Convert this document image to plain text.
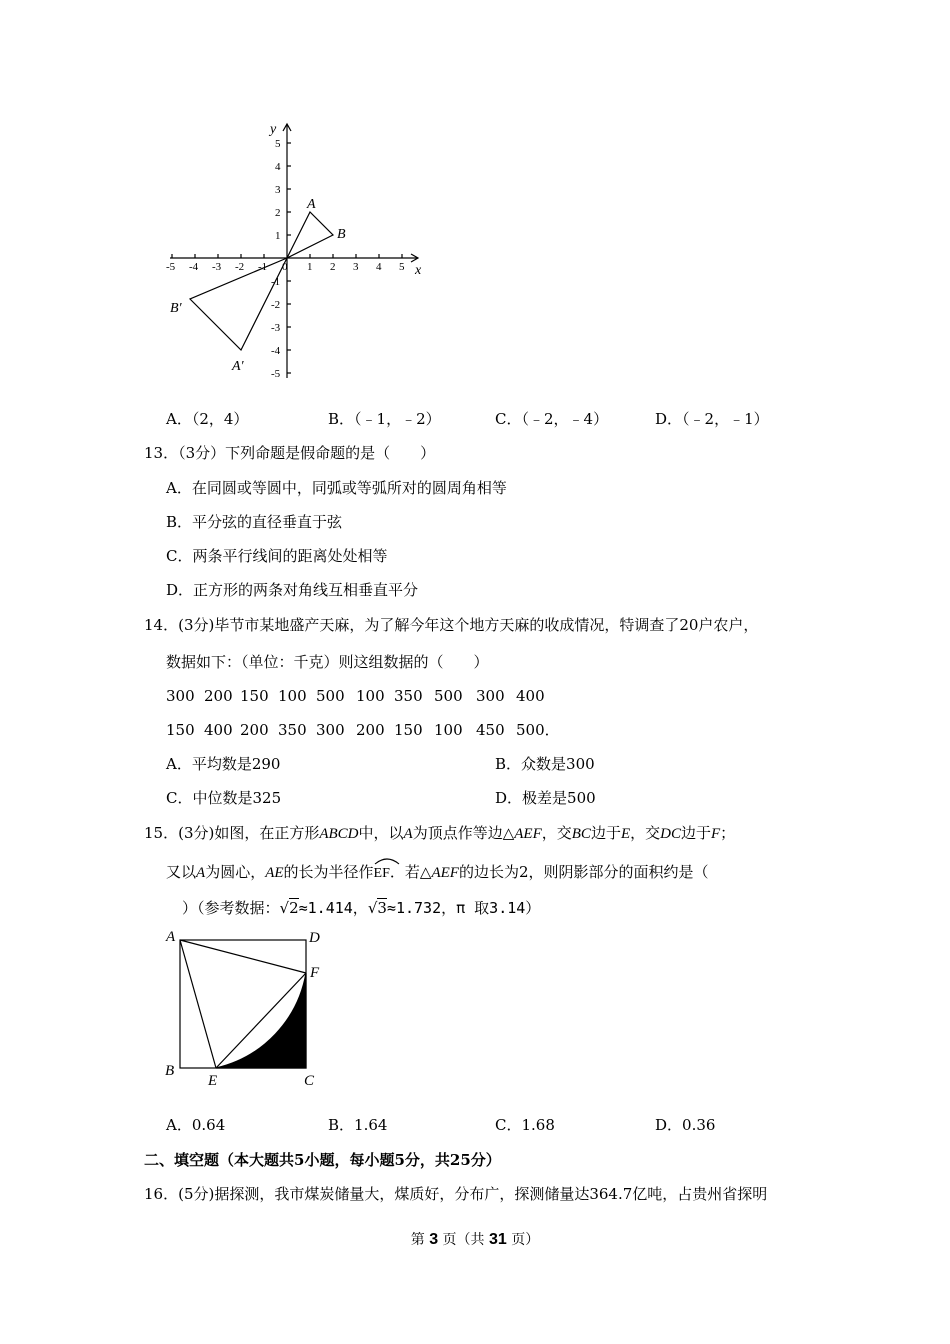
-5 -4 -3 -2 -1	1 2 3 4 5
5
4
3
2
1
-1
-2
-3
-4
-5
x
y
0
A
B
A′
B′
A．（2，4）	B．（﹣1，﹣2）	C．（﹣2，﹣4）	D．（﹣2，﹣1）
13．（3分）下列命题是假命题的是（　　）
A．在同圆或等圆中，同弧或等弧所对的圆周角相等
B．平分弦的直径垂直于弦
C．两条平行线间的距离处处相等
D．正方形的两条对角线互相垂直平分
14．(3分)毕节市某地盛产天麻，为了解今年这个地方天麻的收成情况，特调查了20户农户，
数据如下：（单位：千克）则这组数据的（　　）
300 200 150 100 500 100 350 500 300 400
150 400 200 350 300 200 150 100 450 500．
A．平均数是290	B．众数是300
C．中位数是325	D．极差是500
15．(3分)如图，在正方形ABCD中，以A为顶点作等边△AEF，交BC边于E，交DC边于F；
又以A为圆心，AE的长为半径作
EF．若△AEF的边长为2，则阴影部分的面积约是（
）（参考数据：√2≈1.414，√3≈1.732，π 取3.14）
A	D
F
B
E	C
A．0.64	B．1.64	C．1.68	D．0.36
二、填空题（本大题共5小题，每小题5分，共25分）
16．(5分)据探测，我市煤炭储量大，煤质好，分布广，探测储量达364.7亿吨，占贵州省探明
第 3 页（共 31 页）
